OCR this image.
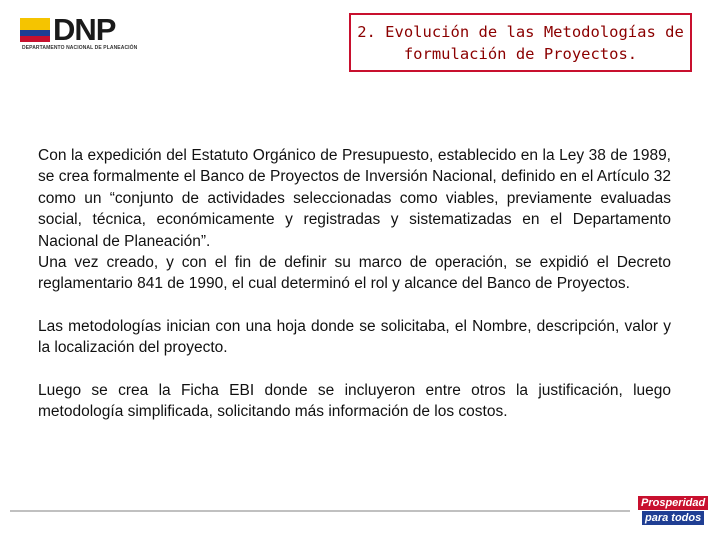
DNP
DEPARTAMENTO NACIONAL DE PLANEACIÓN
2. Evolución de las Metodologías de
formulación de Proyectos.

Con la expedición del Estatuto Orgánico de Presupuesto, establecido en la Ley 38 de 1989, se crea formalmente el Banco de Proyectos de Inversión Nacional, definido en el Artículo 32 como un “conjunto de actividades seleccionadas como viables, previamente evaluadas social, técnica, económicamente y registradas y sistematizadas en el Departamento Nacional de Planeación”.

Una vez creado, y con el fin de definir su marco de operación, se expidió el Decreto reglamentario 841 de 1990, el cual determinó el rol y alcance del Banco de Proyectos.

Las metodologías inician con una hoja donde se solicitaba, el Nombre, descripción, valor y la localización del proyecto.

Luego se crea la Ficha EBI donde se incluyeron entre otros la justificación, luego metodología simplificada, solicitando más información de los costos.

Prosperidad
para todos
